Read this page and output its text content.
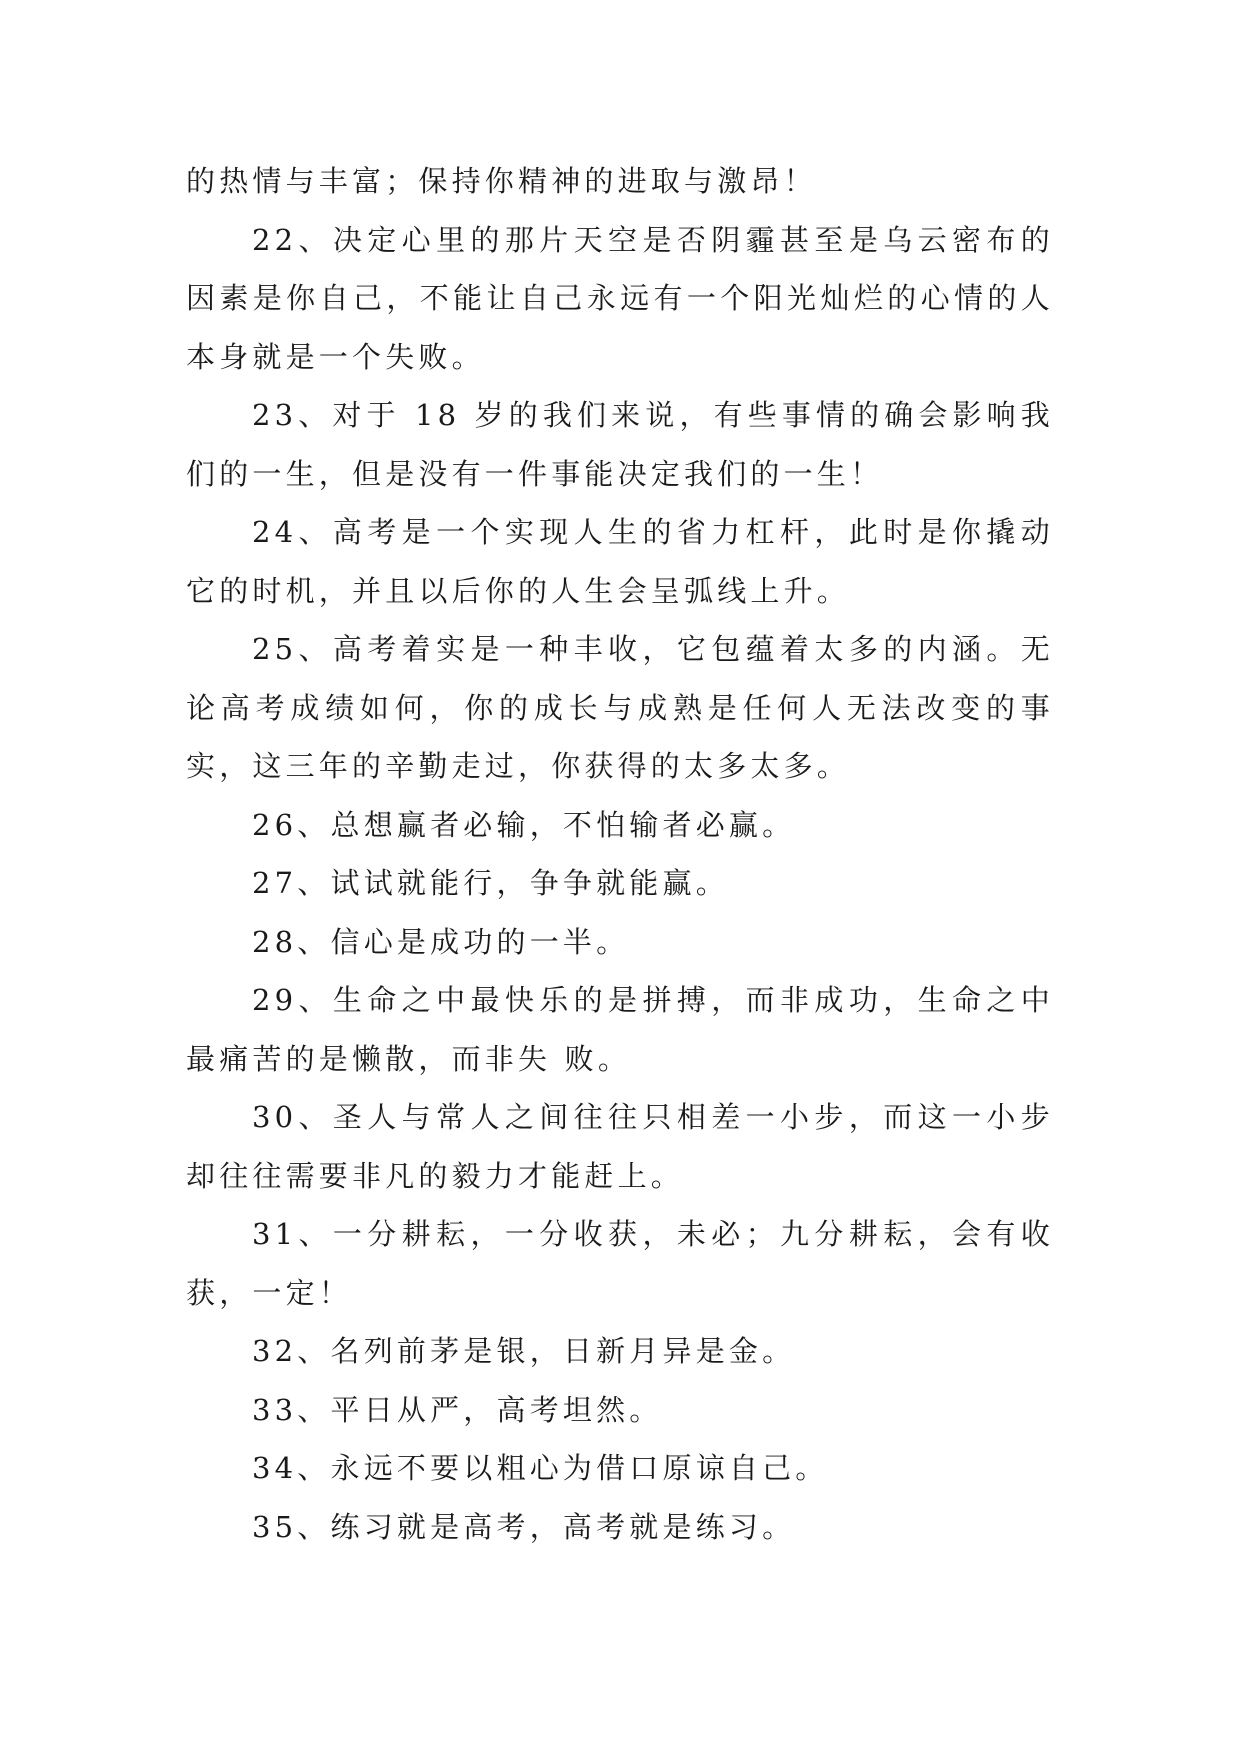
的热情与丰富；保持你精神的进取与激昂！

22、决定心里的那片天空是否阴霾甚至是乌云密布的因素是你自己，不能让自己永远有一个阳光灿烂的心情的人本身就是一个失败。

23、对于 18 岁的我们来说，有些事情的确会影响我们的一生，但是没有一件事能决定我们的一生！

24、高考是一个实现人生的省力杠杆，此时是你撬动它的时机，并且以后你的人生会呈弧线上升。

25、高考着实是一种丰收，它包蕴着太多的内涵。无论高考成绩如何，你的成长与成熟是任何人无法改变的事实，这三年的辛勤走过，你获得的太多太多。

26、总想赢者必输，不怕输者必赢。

27、试试就能行，争争就能赢。

28、信心是成功的一半。

29、生命之中最快乐的是拼搏，而非成功，生命之中最痛苦的是懒散，而非失 败。

30、圣人与常人之间往往只相差一小步，而这一小步却往往需要非凡的毅力才能赶上。

31、一分耕耘，一分收获，未必；九分耕耘，会有收获，一定！

32、名列前茅是银，日新月异是金。

33、平日从严，高考坦然。

34、永远不要以粗心为借口原谅自己。

35、练习就是高考，高考就是练习。
